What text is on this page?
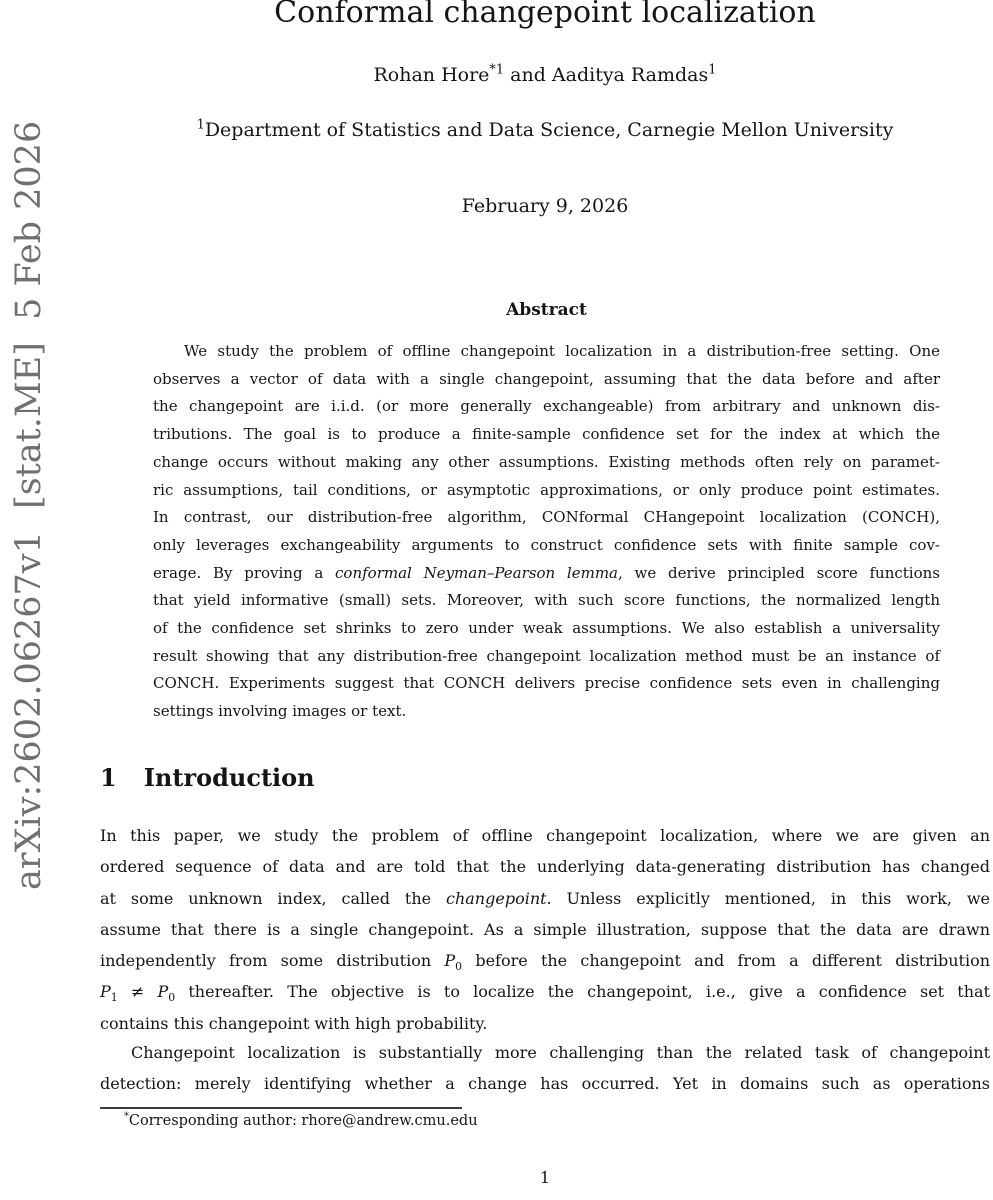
arXiv:2602.06267v1  [stat.ME]  5 Feb 2026
Conformal changepoint localization
Rohan Hore$^{*1}$ and Aaditya Ramdas$^1$
$^1$Department of Statistics and Data Science, Carnegie Mellon University
February 9, 2026
Abstract
We study the problem of offline changepoint localization in a distribution-free setting. One
observes a vector of data with a single changepoint, assuming that the data before and after
the changepoint are i.i.d. (or more generally exchangeable) from arbitrary and unknown dis-
tributions. The goal is to produce a finite-sample confidence set for the index at which the
change occurs without making any other assumptions. Existing methods often rely on paramet-
ric assumptions, tail conditions, or asymptotic approximations, or only produce point estimates.
In contrast, our distribution-free algorithm, CONformal CHangepoint localization (CONCH),
only leverages exchangeability arguments to construct confidence sets with finite sample cov-
erage. By proving a conformal Neyman–Pearson lemma, we derive principled score functions
that yield informative (small) sets. Moreover, with such score functions, the normalized length
of the confidence set shrinks to zero under weak assumptions. We also establish a universality
result showing that any distribution-free changepoint localization method must be an instance of
CONCH. Experiments suggest that CONCH delivers precise confidence sets even in challenging
settings involving images or text.
1 Introduction
In this paper, we study the problem of offline changepoint localization, where we are given an
ordered sequence of data and are told that the underlying data-generating distribution has changed
at some unknown index, called the changepoint. Unless explicitly mentioned, in this work, we
assume that there is a single changepoint. As a simple illustration, suppose that the data are drawn
independently from some distribution $P_0$ before the changepoint and from a different distribution
$P_1 \ne P_0$ thereafter. The objective is to localize the changepoint, i.e., give a confidence set that
contains this changepoint with high probability.
Changepoint localization is substantially more challenging than the related task of changepoint
detection: merely identifying whether a change has occurred. Yet in domains such as operations
*Corresponding author: rhore@andrew.cmu.edu
1
